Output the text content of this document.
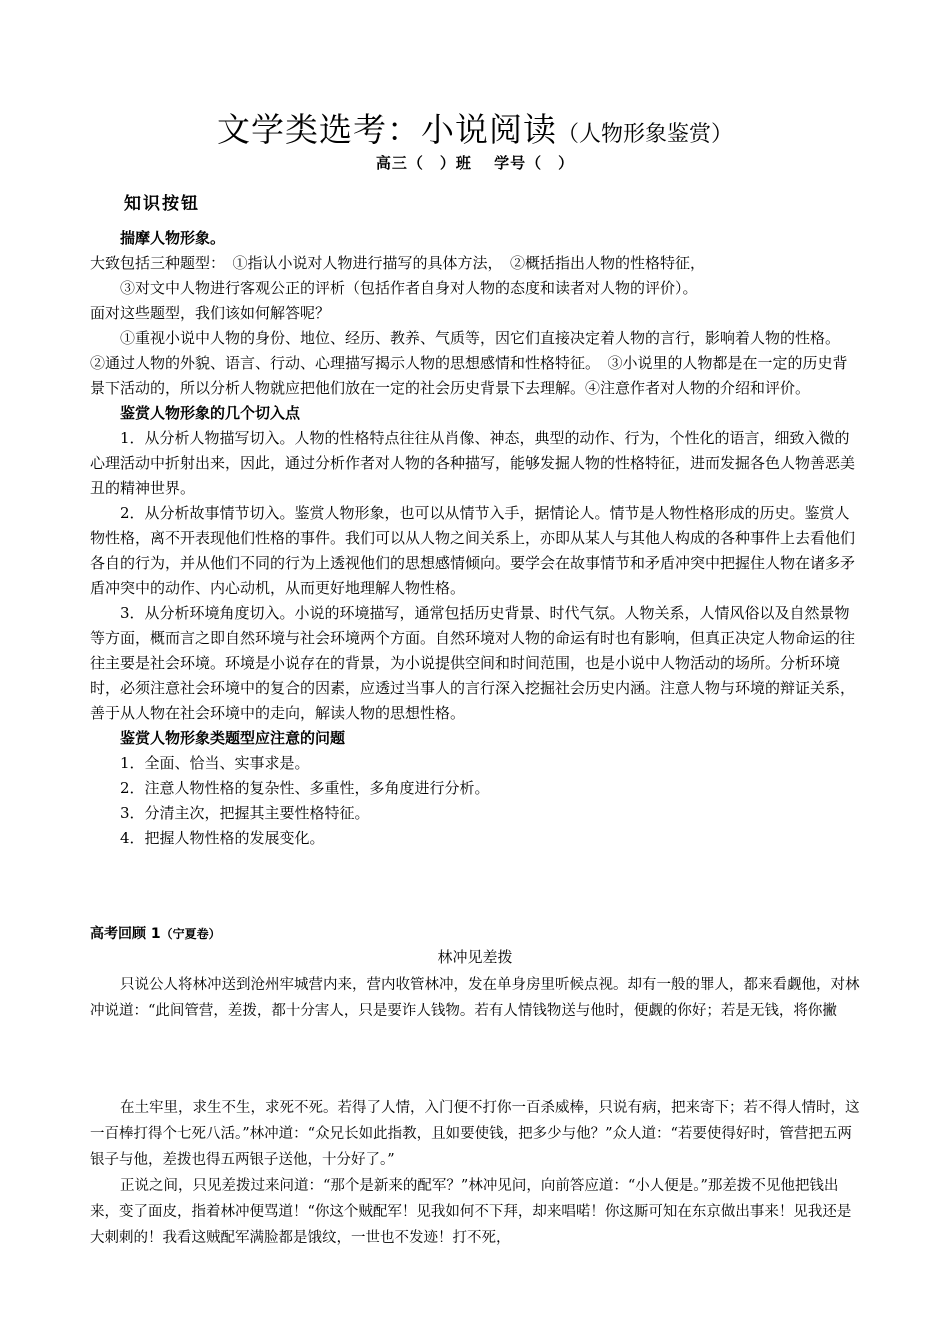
文学类选考：小说阅读（人物形象鉴赏）
高三（　）班　 学号（　）
知识按钮

揣摩人物形象。

大致包括三种题型：　①指认小说对人物进行描写的具体方法，　②概括指出人物的性格特征，

③对文中人物进行客观公正的评析（包括作者自身对人物的态度和读者对人物的评价）。

面对这些题型，我们该如何解答呢？

①重视小说中人物的身份、地位、经历、教养、气质等，因它们直接决定着人物的言行，影响着人物的性格。　②通过人物的外貌、语言、行动、心理描写揭示人物的思想感情和性格特征。　③小说里的人物都是在一定的历史背景下活动的，所以分析人物就应把他们放在一定的社会历史背景下去理解。④注意作者对人物的介绍和评价。

鉴赏人物形象的几个切入点

1．从分析人物描写切入。人物的性格特点往往从肖像、神态，典型的动作、行为，个性化的语言，细致入微的心理活动中折射出来，因此，通过分析作者对人物的各种描写，能够发掘人物的性格特征，进而发掘各色人物善恶美丑的精神世界。

2．从分析故事情节切入。鉴赏人物形象，也可以从情节入手，据情论人。情节是人物性格形成的历史。鉴赏人物性格，离不开表现他们性格的事件。我们可以从人物之间关系上，亦即从某人与其他人构成的各种事件上去看他们各自的行为，并从他们不同的行为上透视他们的思想感情倾向。要学会在故事情节和矛盾冲突中把握住人物在诸多矛盾冲突中的动作、内心动机，从而更好地理解人物性格。

3．从分析环境角度切入。小说的环境描写，通常包括历史背景、时代气氛。人物关系，人情风俗以及自然景物等方面，概而言之即自然环境与社会环境两个方面。自然环境对人物的命运有时也有影响，但真正决定人物命运的往往主要是社会环境。环境是小说存在的背景，为小说提供空间和时间范围，也是小说中人物活动的场所。分析环境时，必须注意社会环境中的复合的因素，应透过当事人的言行深入挖掘社会历史内涵。注意人物与环境的辩证关系，善于从人物在社会环境中的走向，解读人物的思想性格。

鉴赏人物形象类题型应注意的问题

1．全面、恰当、实事求是。

2．注意人物性格的复杂性、多重性，多角度进行分析。

3．分清主次，把握其主要性格特征。

4．把握人物性格的发展变化。

高考回顾 1（宁夏卷）
林冲见差拨

只说公人将林冲送到沧州牢城营内来，营内收管林冲，发在单身房里听候点视。却有一般的罪人，都来看觑他，对林冲说道：“此间管营，差拨，都十分害人，只是要诈人钱物。若有人情钱物送与他时，便觑的你好；若是无钱，将你撇

在土牢里，求生不生，求死不死。若得了人情，入门便不打你一百杀威棒，只说有病，把来寄下；若不得人情时，这一百棒打得个七死八活。”林冲道：“众兄长如此指教，且如要使钱，把多少与他？”众人道：“若要使得好时，管营把五两银子与他，差拨也得五两银子送他，十分好了。”

正说之间，只见差拨过来问道：“那个是新来的配军？”林冲见问，向前答应道：“小人便是。”那差拨不见他把钱出来，变了面皮，指着林冲便骂道！“你这个贼配军！见我如何不下拜，却来唱喏！你这厮可知在东京做出事来！见我还是大刺刺的！我看这贼配军满脸都是饿纹，一世也不发迹！打不死，
